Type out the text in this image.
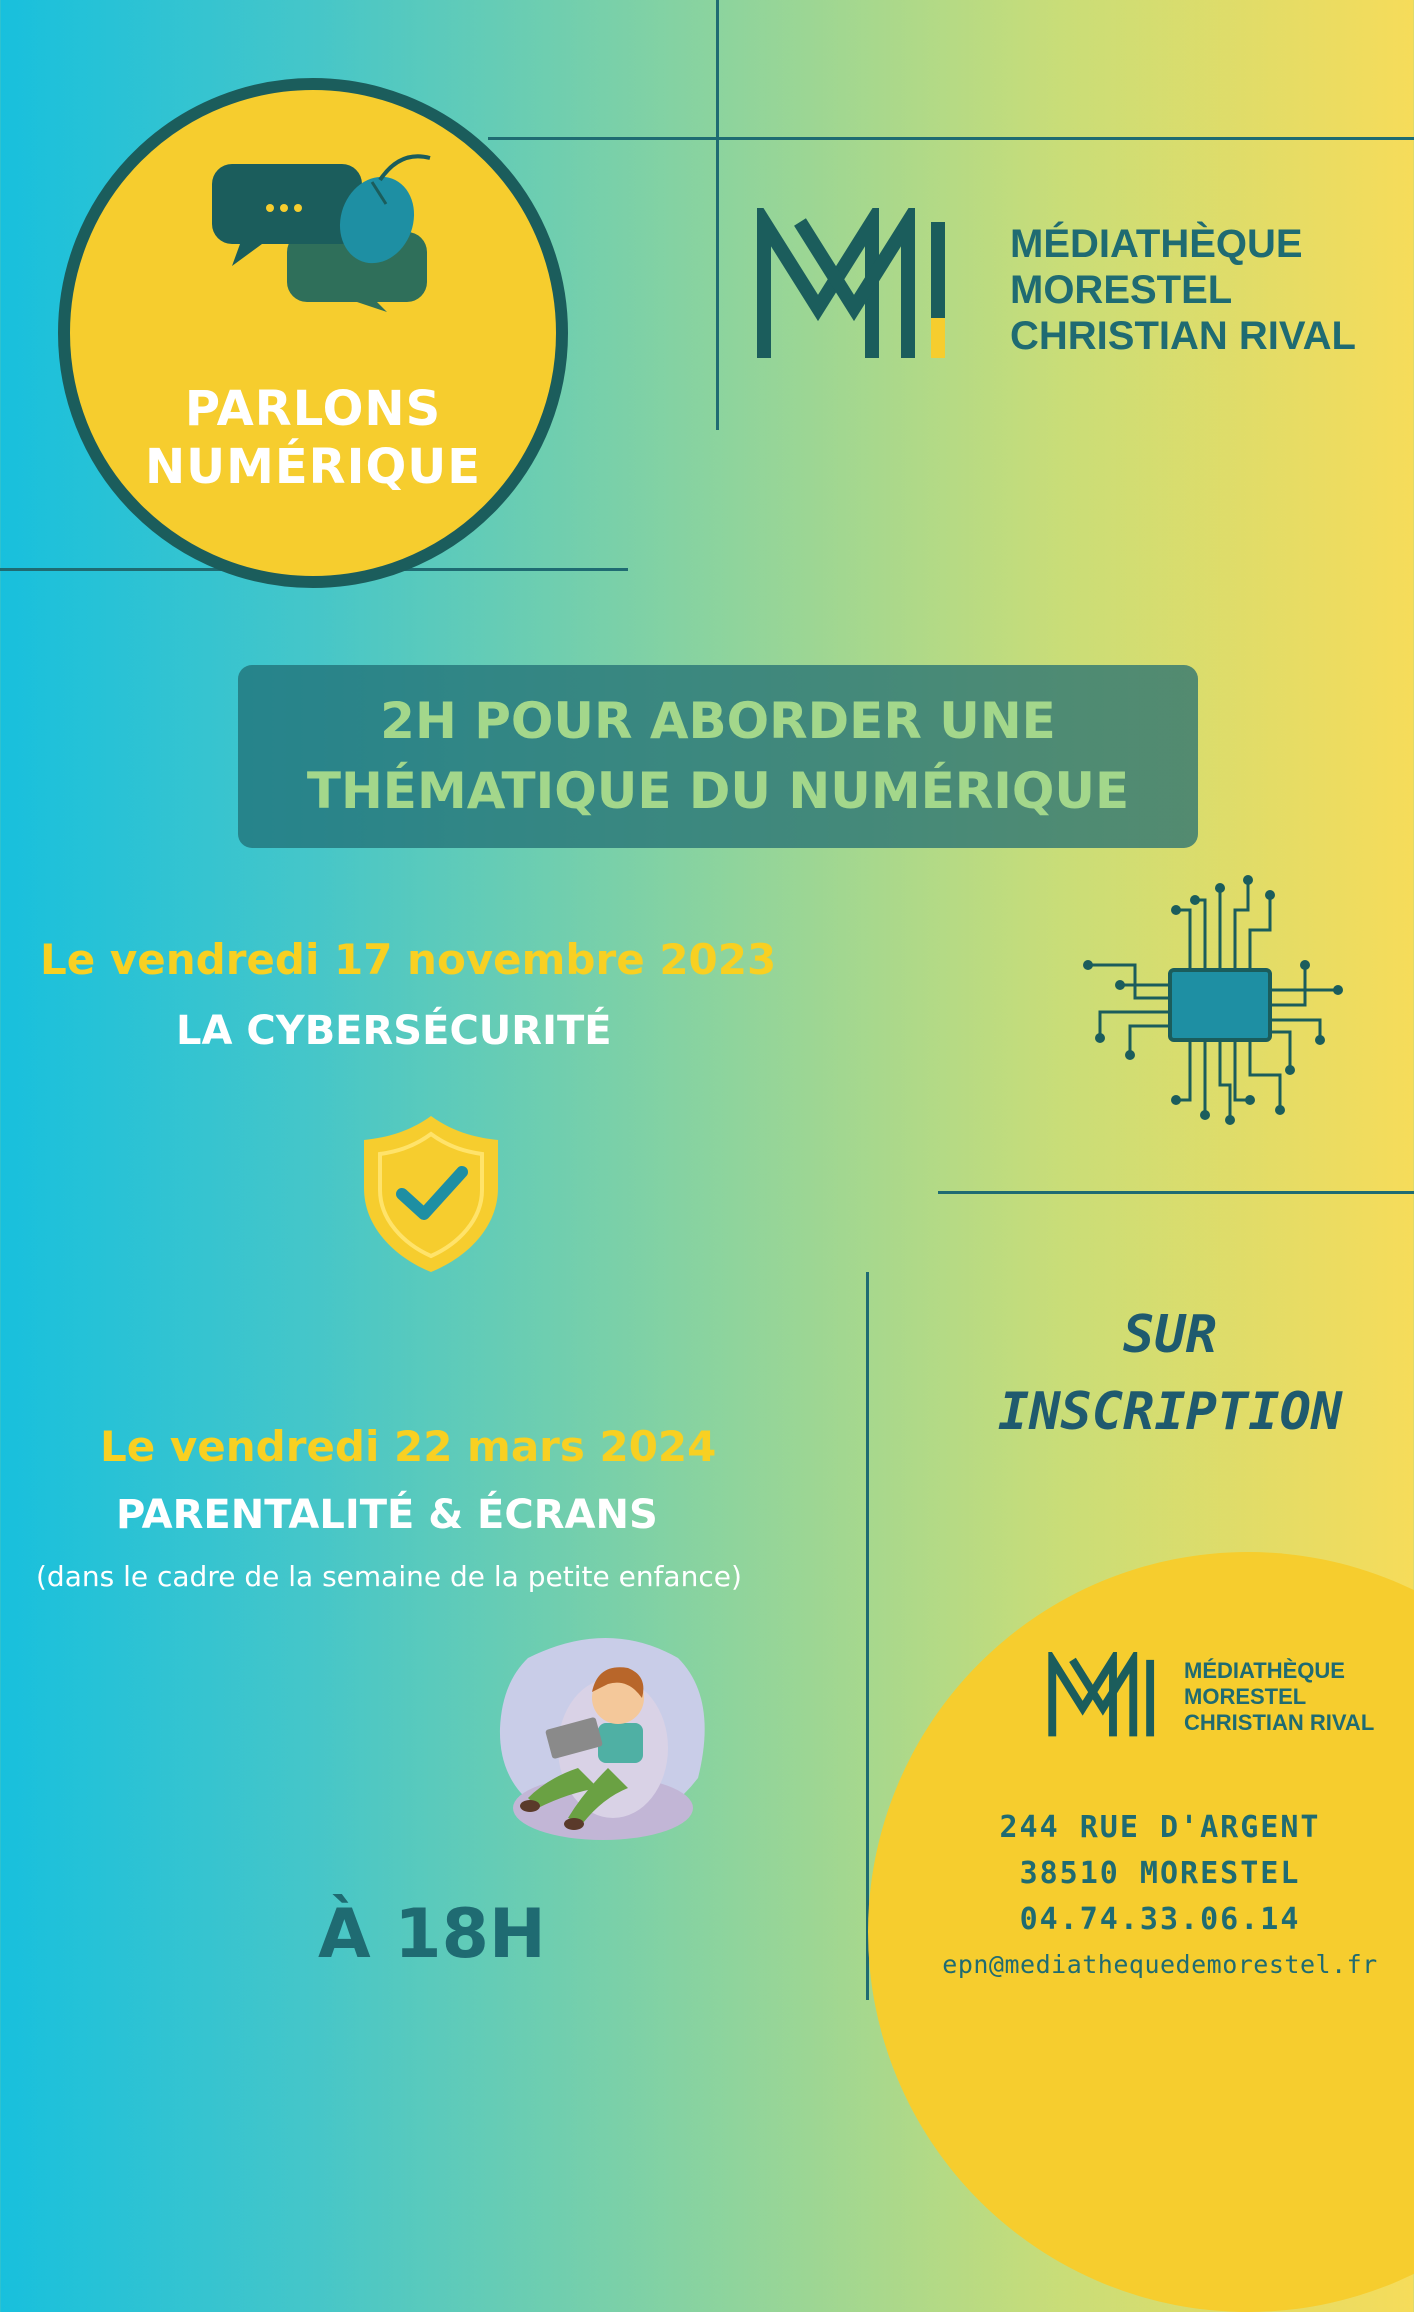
PARLONS
NUMÉRIQUE
MÉDIATHÈQUE
MORESTEL
CHRISTIAN RIVAL
2H POUR ABORDER UNE
THÉMATIQUE DU NUMÉRIQUE
Le vendredi 17 novembre 2023
LA CYBERSÉCURITÉ
SUR
INSCRIPTION
Le vendredi 22 mars 2024
PARENTALITÉ & ÉCRANS
(dans le cadre de la semaine de la petite enfance)
À 18H
MÉDIATHÈQUE
MORESTEL
CHRISTIAN RIVAL
244 RUE D'ARGENT
38510 MORESTEL
04.74.33.06.14
epn@mediathequedemorestel.fr
